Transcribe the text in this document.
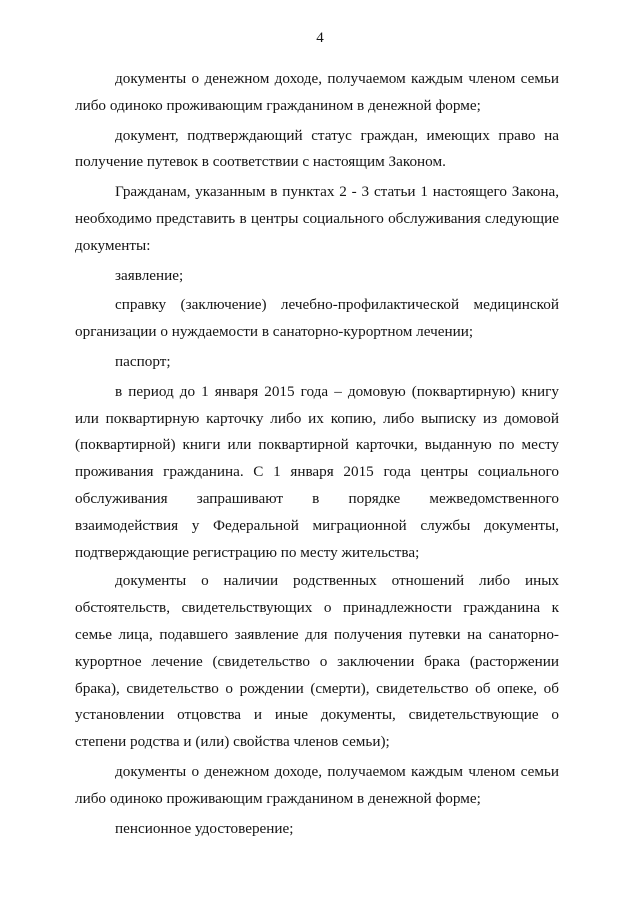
4

документы о денежном доходе, получаемом каждым членом семьи либо одиноко проживающим гражданином в денежной форме;

документ, подтверждающий статус граждан, имеющих право на получение путевок в соответствии с настоящим Законом.

Гражданам, указанным в пунктах 2 - 3 статьи 1 настоящего Закона, необходимо представить в центры социального обслуживания следующие документы:

заявление;

справку (заключение) лечебно-профилактической медицинской организации о нуждаемости в санаторно-курортном лечении;

паспорт;

в период до 1 января 2015 года – домовую (поквартирную) книгу или поквартирную карточку либо их копию, либо выписку из домовой (поквартирной) книги или поквартирной карточки, выданную по месту проживания гражданина. С 1 января 2015 года центры социального обслуживания запрашивают в порядке межведомственного взаимодействия у Федеральной миграционной службы документы, подтверждающие регистрацию по месту жительства;

документы о наличии родственных отношений либо иных обстоятельств, свидетельствующих о принадлежности гражданина к семье лица, подавшего заявление для получения путевки на санаторно-курортное лечение (свидетельство о заключении брака (расторжении брака), свидетельство о рождении (смерти), свидетельство об опеке, об установлении отцовства и иные документы, свидетельствующие о степени родства и (или) свойства членов семьи);

документы о денежном доходе, получаемом каждым членом семьи либо одиноко проживающим гражданином в денежной форме;

пенсионное удостоверение;
